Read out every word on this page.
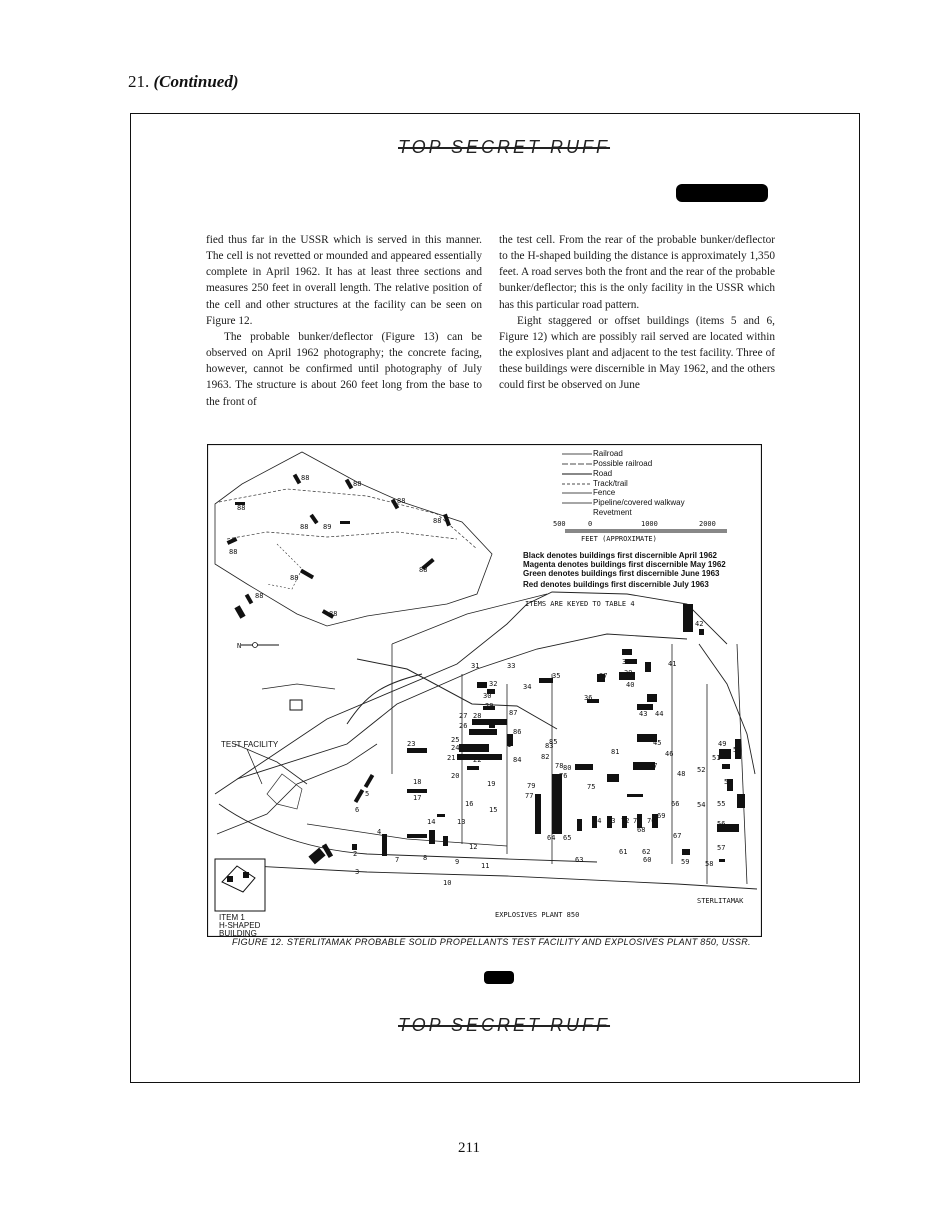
21. (Continued)
TOP SECRET RUFF

fied thus far in the USSR which is served in this manner. The cell is not revetted or mounded and appeared essentially complete in April 1962. It has at least three sections and measures 250 feet in overall length. The relative position of the cell and other structures at the facility can be seen on Figure 12.

The probable bunker/deflector (Figure 13) can be observed on April 1962 photography; the concrete facing, however, cannot be confirmed until photography of July 1963. The structure is about 260 feet long from the base to the front of

the test cell. From the rear of the probable bunker/deflector to the H-shaped building the distance is approximately 1,350 feet. A road serves both the front and the rear of the probable bunker/deflector; this is the only facility in the USSR which has this particular road pattern.

Eight staggered or offset buildings (items 5 and 6, Figure 12) which are possibly rail served are located within the explosives plant and adjacent to the test facility. Three of these buildings were discernible in May 1962, and the others could first be observed on June

88
88
88
88
88 89
88
88
88
88
88
88
N
ITEM 1
H-SHAPED
BUILDING
TEST FACILITY
2
4
5
6
7	8	9
10
11
12
13
14
15
16
17
18	19
20
21	22
23	24
25
26
27 28
29
30
31
32
33
34
35
36
37
38
39
40
41
42
43 44
45
46
47
48
49
50
51
52
53
54 55
56
57
58
59
60
61 62
63
64 65
66
67
68
69
70
71
72
73
74
75
76
77
78
79
80
81
82
83
84
85
86
87
1
3
Railroad
Possible railroad
Road
Track/trail
Fence
Pipeline/covered walkway
Revetment
500	0	1000	2000
FEET (APPROXIMATE)
Black denotes buildings first discernible April 1962
Magenta denotes buildings first discernible May 1962
Green denotes buildings first discernible June 1963
Red denotes buildings first discernible July 1963
ITEMS ARE KEYED TO TABLE 4
EXPLOSIVES PLANT 850
STERLITAMAK
FIGURE 12. STERLITAMAK PROBABLE SOLID PROPELLANTS TEST FACILITY AND EXPLOSIVES PLANT 850, USSR.
TOP SECRET RUFF
211
